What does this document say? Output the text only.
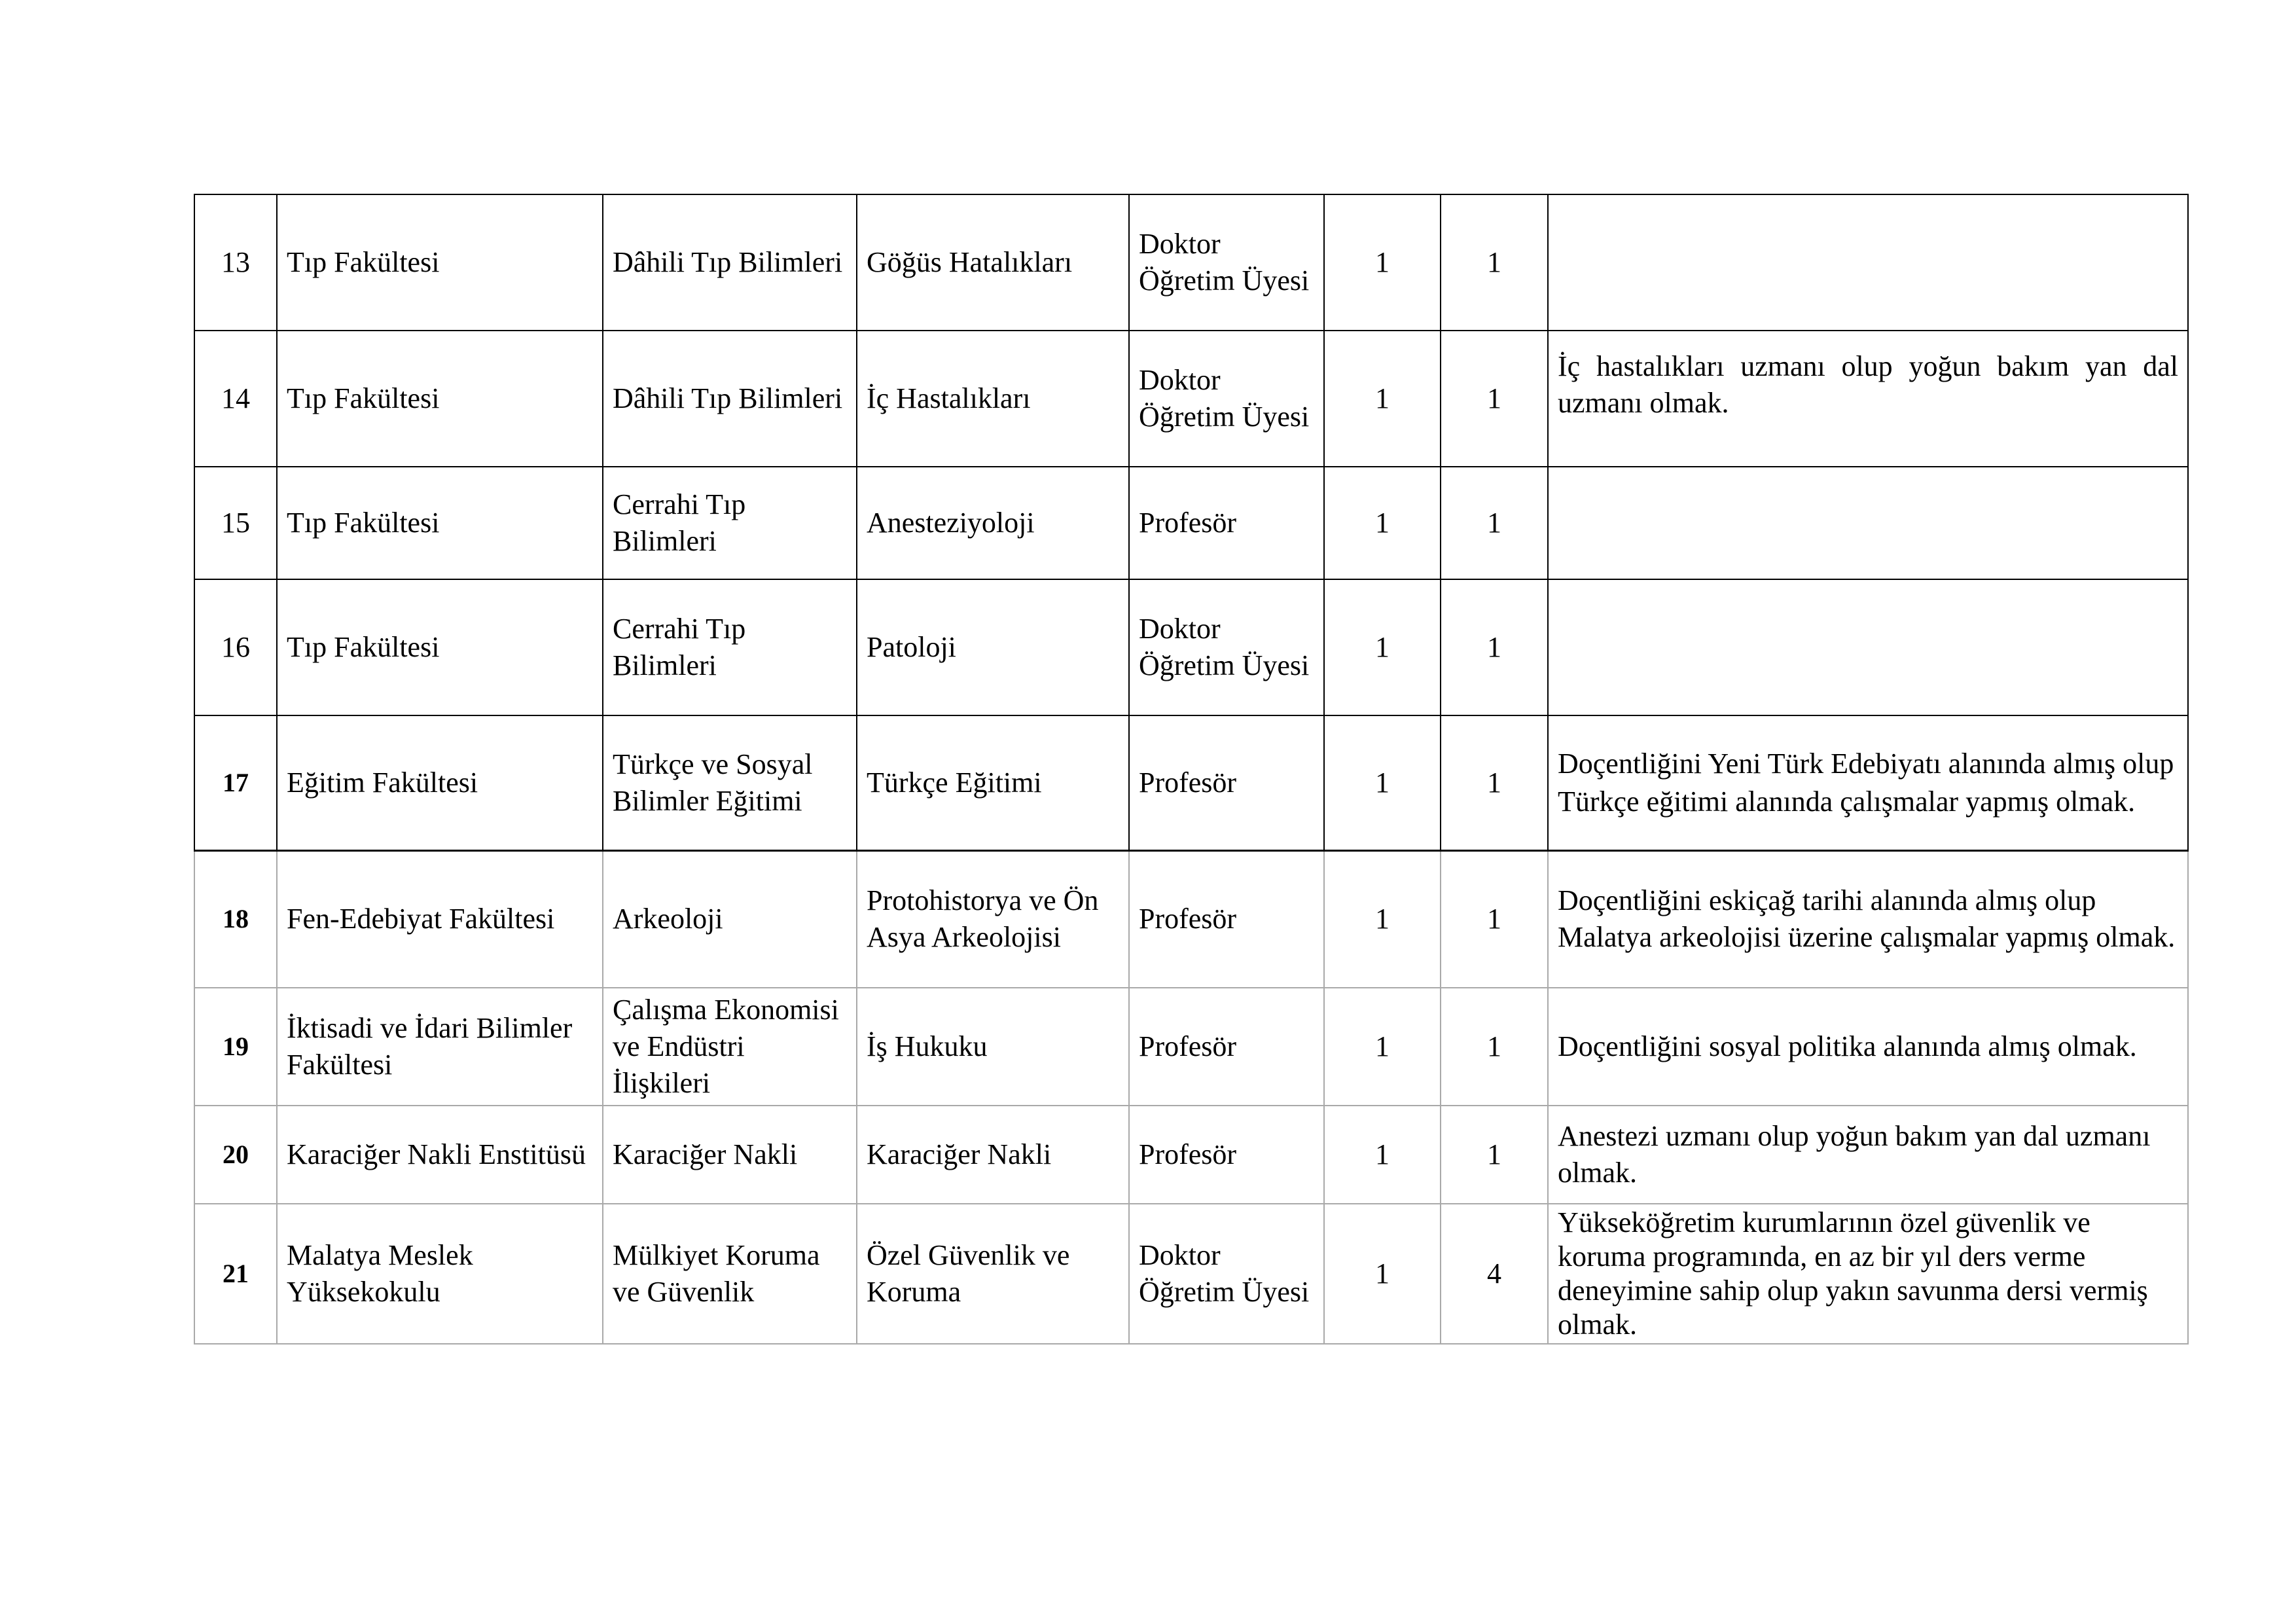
13	Tıp Fakültesi	Dâhili Tıp Bilimleri	Göğüs Hatalıkları	Doktor Öğretim Üyesi	1	1	
14	Tıp Fakültesi	Dâhili Tıp Bilimleri	İç Hastalıkları	Doktor Öğretim Üyesi	1	1	İç hastalıkları uzmanı olup yoğun bakım yan dal uzmanı olmak.
15	Tıp Fakültesi	Cerrahi Tıp Bilimleri	Anesteziyoloji	Profesör	1	1	
16	Tıp Fakültesi	Cerrahi Tıp Bilimleri	Patoloji	Doktor Öğretim Üyesi	1	1	
17	Eğitim Fakültesi	Türkçe ve Sosyal Bilimler Eğitimi	Türkçe Eğitimi	Profesör	1	1	Doçentliğini Yeni Türk Edebiyatı alanında almış olup Türkçe eğitimi alanında çalışmalar yapmış olmak.
18	Fen-Edebiyat Fakültesi	Arkeoloji	Protohistorya ve Ön Asya Arkeolojisi	Profesör	1	1	Doçentliğini eskiçağ tarihi alanında almış olup Malatya arkeolojisi üzerine çalışmalar yapmış olmak.
19	İktisadi ve İdari Bilimler Fakültesi	Çalışma Ekonomisi ve Endüstri İlişkileri	İş Hukuku	Profesör	1	1	Doçentliğini sosyal politika alanında almış olmak.
20	Karaciğer Nakli Enstitüsü	Karaciğer Nakli	Karaciğer Nakli	Profesör	1	1	Anestezi uzmanı olup yoğun bakım yan dal uzmanı olmak.
21	Malatya Meslek Yüksekokulu	Mülkiyet Koruma ve Güvenlik	Özel Güvenlik ve Koruma	Doktor Öğretim Üyesi	1	4	Yükseköğretim kurumlarının özel güvenlik ve koruma programında, en az bir yıl ders verme deneyimine sahip olup yakın savunma dersi vermiş olmak.
